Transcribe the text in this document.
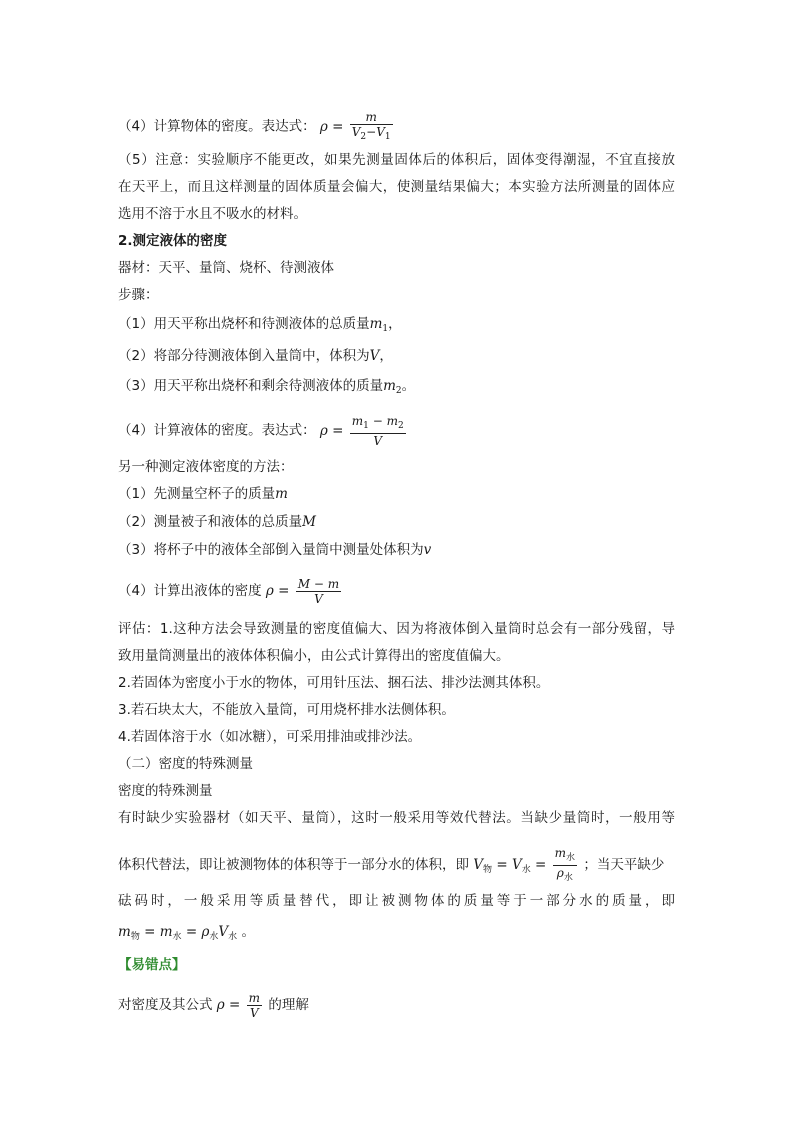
（4）计算物体的密度。表达式： $\rho = \frac{m}{V_2-V_1}$
（5）注意：实验顺序不能更改，如果先测量固体后的体积后，固体变得潮湿，不宜直接放
在天平上，而且这样测量的固体质量会偏大，使测量结果偏大；本实验方法所测量的固体应
选用不溶于水且不吸水的材料。
2.测定液体的密度
器材：天平、量筒、烧杯、待测液体
步骤：
（1）用天平称出烧杯和待测液体的总质量$m_1$，
（2）将部分待测液体倒入量筒中，体积为V，
（3）用天平称出烧杯和剩余待测液体的质量$m_2$。
（4）计算液体的密度。表达式： $\rho = \frac{m_1 - m_2}{V}$
另一种测定液体密度的方法：
（1）先测量空杯子的质量m
（2）测量被子和液体的总质量M
（3）将杯子中的液体全部倒入量筒中测量处体积为v
（4）计算出液体的密度 $\rho = \frac{M - m}{V}$
评估：1.这种方法会导致测量的密度值偏大、因为将液体倒入量筒时总会有一部分残留，导
致用量筒测量出的液体体积偏小，由公式计算得出的密度值偏大。
2.若固体为密度小于水的物体，可用针压法、捆石法、排沙法测其体积。
3.若石块太大，不能放入量筒，可用烧杯排水法侧体积。
4.若固体溶于水（如冰糖），可采用排油或排沙法。
（二）密度的特殊测量
密度的特殊测量
有时缺少实验器材（如天平、量筒），这时一般采用等效代替法。当缺少量筒时，一般用等
体积代替法，即让被测物体的体积等于一部分水的体积，即 $V_物 = V_水 = \frac{m_水}{\rho_水}$ ；当天平缺少
砝码时，一般采用等质量替代，即让被测物体的质量等于一部分水的质量，即
$m_物 = m_水 = \rho_水V_水$ 。
【易错点】
对密度及其公式 $\rho = \frac{m}{V}$ 的理解
